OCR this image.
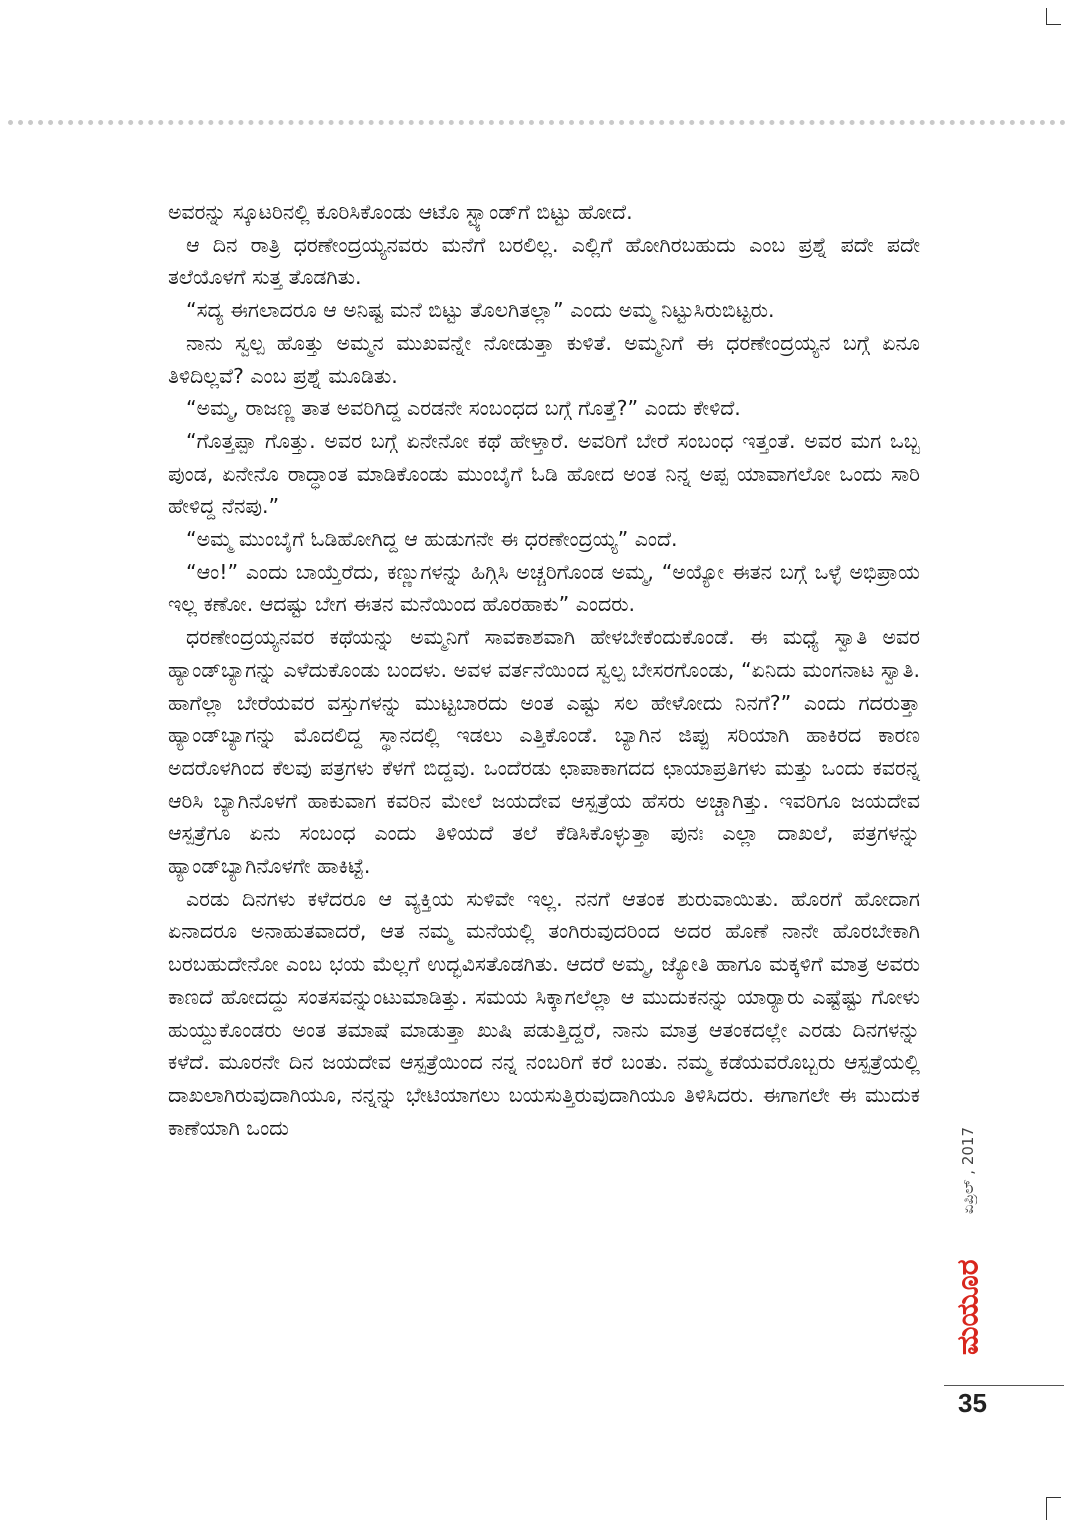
ಅವರನ್ನು ಸ್ಕೂಟರಿನಲ್ಲಿ ಕೂರಿಸಿಕೊಂಡು ಆಟೊ ಸ್ಟ್ಯಾಂಡ್‌ಗೆ ಬಿಟ್ಟು ಹೋದೆ.

ಆ ದಿನ ರಾತ್ರಿ ಧರಣೇಂದ್ರಯ್ಯನವರು ಮನೆಗೆ ಬರಲಿಲ್ಲ. ಎಲ್ಲಿಗೆ ಹೋಗಿರಬಹುದು ಎಂಬ ಪ್ರಶ್ನೆ ಪದೇ ಪದೇ ತಲೆಯೊಳಗೆ ಸುತ್ತ ತೊಡಗಿತು.

“ಸದ್ಯ ಈಗಲಾದರೂ ಆ ಅನಿಷ್ಟ ಮನೆ ಬಿಟ್ಟು ತೊಲಗಿತಲ್ಲಾ” ಎಂದು ಅಮ್ಮ ನಿಟ್ಟುಸಿರುಬಿಟ್ಟರು.

ನಾನು ಸ್ವಲ್ಪ ಹೊತ್ತು ಅಮ್ಮನ ಮುಖವನ್ನೇ ನೋಡುತ್ತಾ ಕುಳಿತೆ. ಅಮ್ಮನಿಗೆ ಈ ಧರಣೇಂದ್ರಯ್ಯನ ಬಗ್ಗೆ ಏನೂ ತಿಳಿದಿಲ್ಲವೆ? ಎಂಬ ಪ್ರಶ್ನೆ ಮೂಡಿತು.

“ಅಮ್ಮ, ರಾಜಣ್ಣ ತಾತ ಅವರಿಗಿದ್ದ ಎರಡನೇ ಸಂಬಂಧದ ಬಗ್ಗೆ ಗೊತ್ತೆ?” ಎಂದು ಕೇಳಿದೆ.

“ಗೊತ್ತಪ್ಪಾ ಗೊತ್ತು. ಅವರ ಬಗ್ಗೆ ಏನೇನೋ ಕಥೆ ಹೇಳ್ತಾರೆ. ಅವರಿಗೆ ಬೇರೆ ಸಂಬಂಧ ಇತ್ತಂತೆ. ಅವರ ಮಗ ಒಬ್ಬ ಪುಂಡ, ಏನೇನೊ ರಾದ್ಧಾಂತ ಮಾಡಿಕೊಂಡು ಮುಂಬೈಗೆ ಓಡಿ ಹೋದ ಅಂತ ನಿನ್ನ ಅಪ್ಪ ಯಾವಾಗಲೋ ಒಂದು ಸಾರಿ ಹೇಳಿದ್ದ ನೆನಪು.”

“ಅಮ್ಮ ಮುಂಬೈಗೆ ಓಡಿಹೋಗಿದ್ದ ಆ ಹುಡುಗನೇ ಈ ಧರಣೇಂದ್ರಯ್ಯ” ಎಂದೆ.

“ಆಂ!” ಎಂದು ಬಾಯ್ತೆರೆದು, ಕಣ್ಣುಗಳನ್ನು ಹಿಗ್ಗಿಸಿ ಅಚ್ಚರಿಗೊಂಡ ಅಮ್ಮ, “ಅಯ್ಯೋ ಈತನ ಬಗ್ಗೆ ಒಳ್ಳೆ ಅಭಿಪ್ರಾಯ ಇಲ್ಲ ಕಣೋ. ಆದಷ್ಟು ಬೇಗ ಈತನ ಮನೆಯಿಂದ ಹೊರಹಾಕು” ಎಂದರು.

ಧರಣೇಂದ್ರಯ್ಯನವರ ಕಥೆಯನ್ನು ಅಮ್ಮನಿಗೆ ಸಾವಕಾಶವಾಗಿ ಹೇಳಬೇಕೆಂದುಕೊಂಡೆ. ಈ ಮಧ್ಯೆ ಸ್ವಾತಿ ಅವರ ಹ್ಯಾಂಡ್‌ಬ್ಯಾಗನ್ನು ಎಳೆದುಕೊಂಡು ಬಂದಳು. ಅವಳ ವರ್ತನೆಯಿಂದ ಸ್ವಲ್ಪ ಬೇಸರಗೊಂಡು, “ಏನಿದು ಮಂಗನಾಟ ಸ್ವಾತಿ. ಹಾಗೆಲ್ಲಾ ಬೇರೆಯವರ ವಸ್ತುಗಳನ್ನು ಮುಟ್ಟಬಾರದು ಅಂತ ಎಷ್ಟು ಸಲ ಹೇಳೋದು ನಿನಗೆ?” ಎಂದು ಗದರುತ್ತಾ ಹ್ಯಾಂಡ್‌ಬ್ಯಾಗನ್ನು ಮೊದಲಿದ್ದ ಸ್ಥಾನದಲ್ಲಿ ಇಡಲು ಎತ್ತಿಕೊಂಡೆ. ಬ್ಯಾಗಿನ ಜಿಪ್ಪು ಸರಿಯಾಗಿ ಹಾಕಿರದ ಕಾರಣ ಅದರೊಳಗಿಂದ ಕೆಲವು ಪತ್ರಗಳು ಕೆಳಗೆ ಬಿದ್ದವು. ಒಂದೆರಡು ಛಾಪಾಕಾಗದದ ಛಾಯಾಪ್ರತಿಗಳು ಮತ್ತು ಒಂದು ಕವರನ್ನ ಆರಿಸಿ ಬ್ಯಾಗಿನೊಳಗೆ ಹಾಕುವಾಗ ಕವರಿನ ಮೇಲೆ ಜಯದೇವ ಆಸ್ಪತ್ರೆಯ ಹೆಸರು ಅಚ್ಚಾಗಿತ್ತು. ಇವರಿಗೂ ಜಯದೇವ ಆಸ್ಪತ್ರೆಗೂ ಏನು ಸಂಬಂಧ ಎಂದು ತಿಳಿಯದೆ ತಲೆ ಕೆಡಿಸಿಕೊಳ್ಳುತ್ತಾ ಪುನಃ ಎಲ್ಲಾ ದಾಖಲೆ, ಪತ್ರಗಳನ್ನು ಹ್ಯಾಂಡ್‌ಬ್ಯಾಗಿನೊಳಗೇ ಹಾಕಿಟ್ಟೆ.

ಎರಡು ದಿನಗಳು ಕಳೆದರೂ ಆ ವ್ಯಕ್ತಿಯ ಸುಳಿವೇ ಇಲ್ಲ. ನನಗೆ ಆತಂಕ ಶುರುವಾಯಿತು. ಹೊರಗೆ ಹೋದಾಗ ಏನಾದರೂ ಅನಾಹುತವಾದರೆ, ಆತ ನಮ್ಮ ಮನೆಯಲ್ಲಿ ತಂಗಿರುವುದರಿಂದ ಅದರ ಹೊಣೆ ನಾನೇ ಹೊರಬೇಕಾಗಿ ಬರಬಹುದೇನೋ ಎಂಬ ಭಯ ಮೆಲ್ಲಗೆ ಉದ್ಭವಿಸತೊಡಗಿತು. ಆದರೆ ಅಮ್ಮ, ಜ್ಯೋತಿ ಹಾಗೂ ಮಕ್ಕಳಿಗೆ ಮಾತ್ರ ಅವರು ಕಾಣದೆ ಹೋದದ್ದು ಸಂತಸವನ್ನುಂಟುಮಾಡಿತ್ತು. ಸಮಯ ಸಿಕ್ಕಾಗಲೆಲ್ಲಾ ಆ ಮುದುಕನನ್ನು ಯಾರ್‍ಯಾರು ಎಷ್ಟೆಷ್ಟು ಗೋಳು ಹುಯ್ದುಕೊಂಡರು ಅಂತ ತಮಾಷೆ ಮಾಡುತ್ತಾ ಖುಷಿ ಪಡುತ್ತಿದ್ದರೆ, ನಾನು ಮಾತ್ರ ಆತಂಕದಲ್ಲೇ ಎರಡು ದಿನಗಳನ್ನು ಕಳೆದೆ. ಮೂರನೇ ದಿನ ಜಯದೇವ ಆಸ್ಪತ್ರೆಯಿಂದ ನನ್ನ ನಂಬರಿಗೆ ಕರೆ ಬಂತು. ನಮ್ಮ ಕಡೆಯವರೊಬ್ಬರು ಆಸ್ಪತ್ರೆಯಲ್ಲಿ ದಾಖಲಾಗಿರುವುದಾಗಿಯೂ, ನನ್ನನ್ನು ಭೇಟಿಯಾಗಲು ಬಯಸುತ್ತಿರುವುದಾಗಿಯೂ ತಿಳಿಸಿದರು. ಈಗಾಗಲೇ ಈ ಮುದುಕ ಕಾಣೆಯಾಗಿ ಒಂದು	ಏಪ್ರಿಲ್ , 2017
ಮಯೂರ
35
